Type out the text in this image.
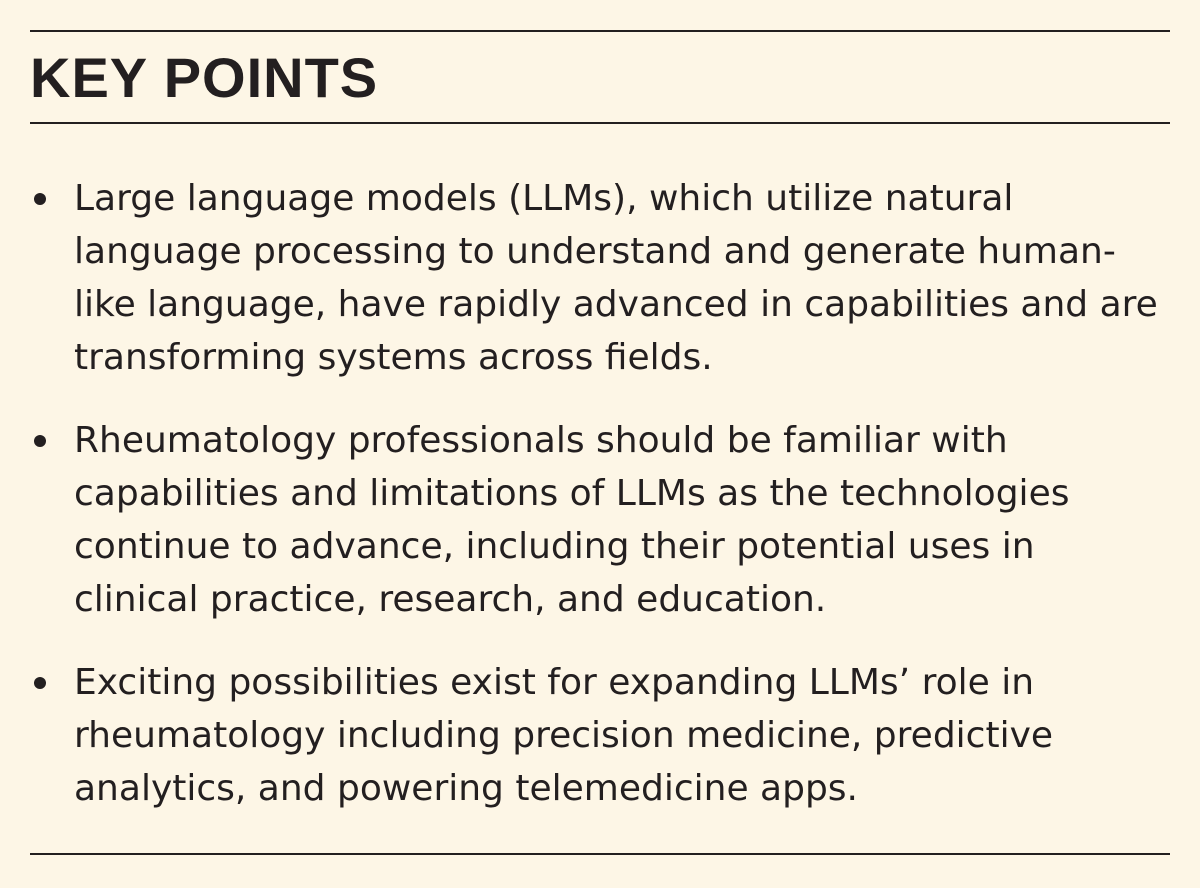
KEY POINTS
Large language models (LLMs), which utilize natural language processing to understand and generate human-like language, have rapidly advanced in capabilities and are transforming systems across fields.
Rheumatology professionals should be familiar with capabilities and limitations of LLMs as the technologies continue to advance, including their potential uses in clinical practice, research, and education.
Exciting possibilities exist for expanding LLMs’ role in rheumatology including precision medicine, predictive analytics, and powering telemedicine apps.
